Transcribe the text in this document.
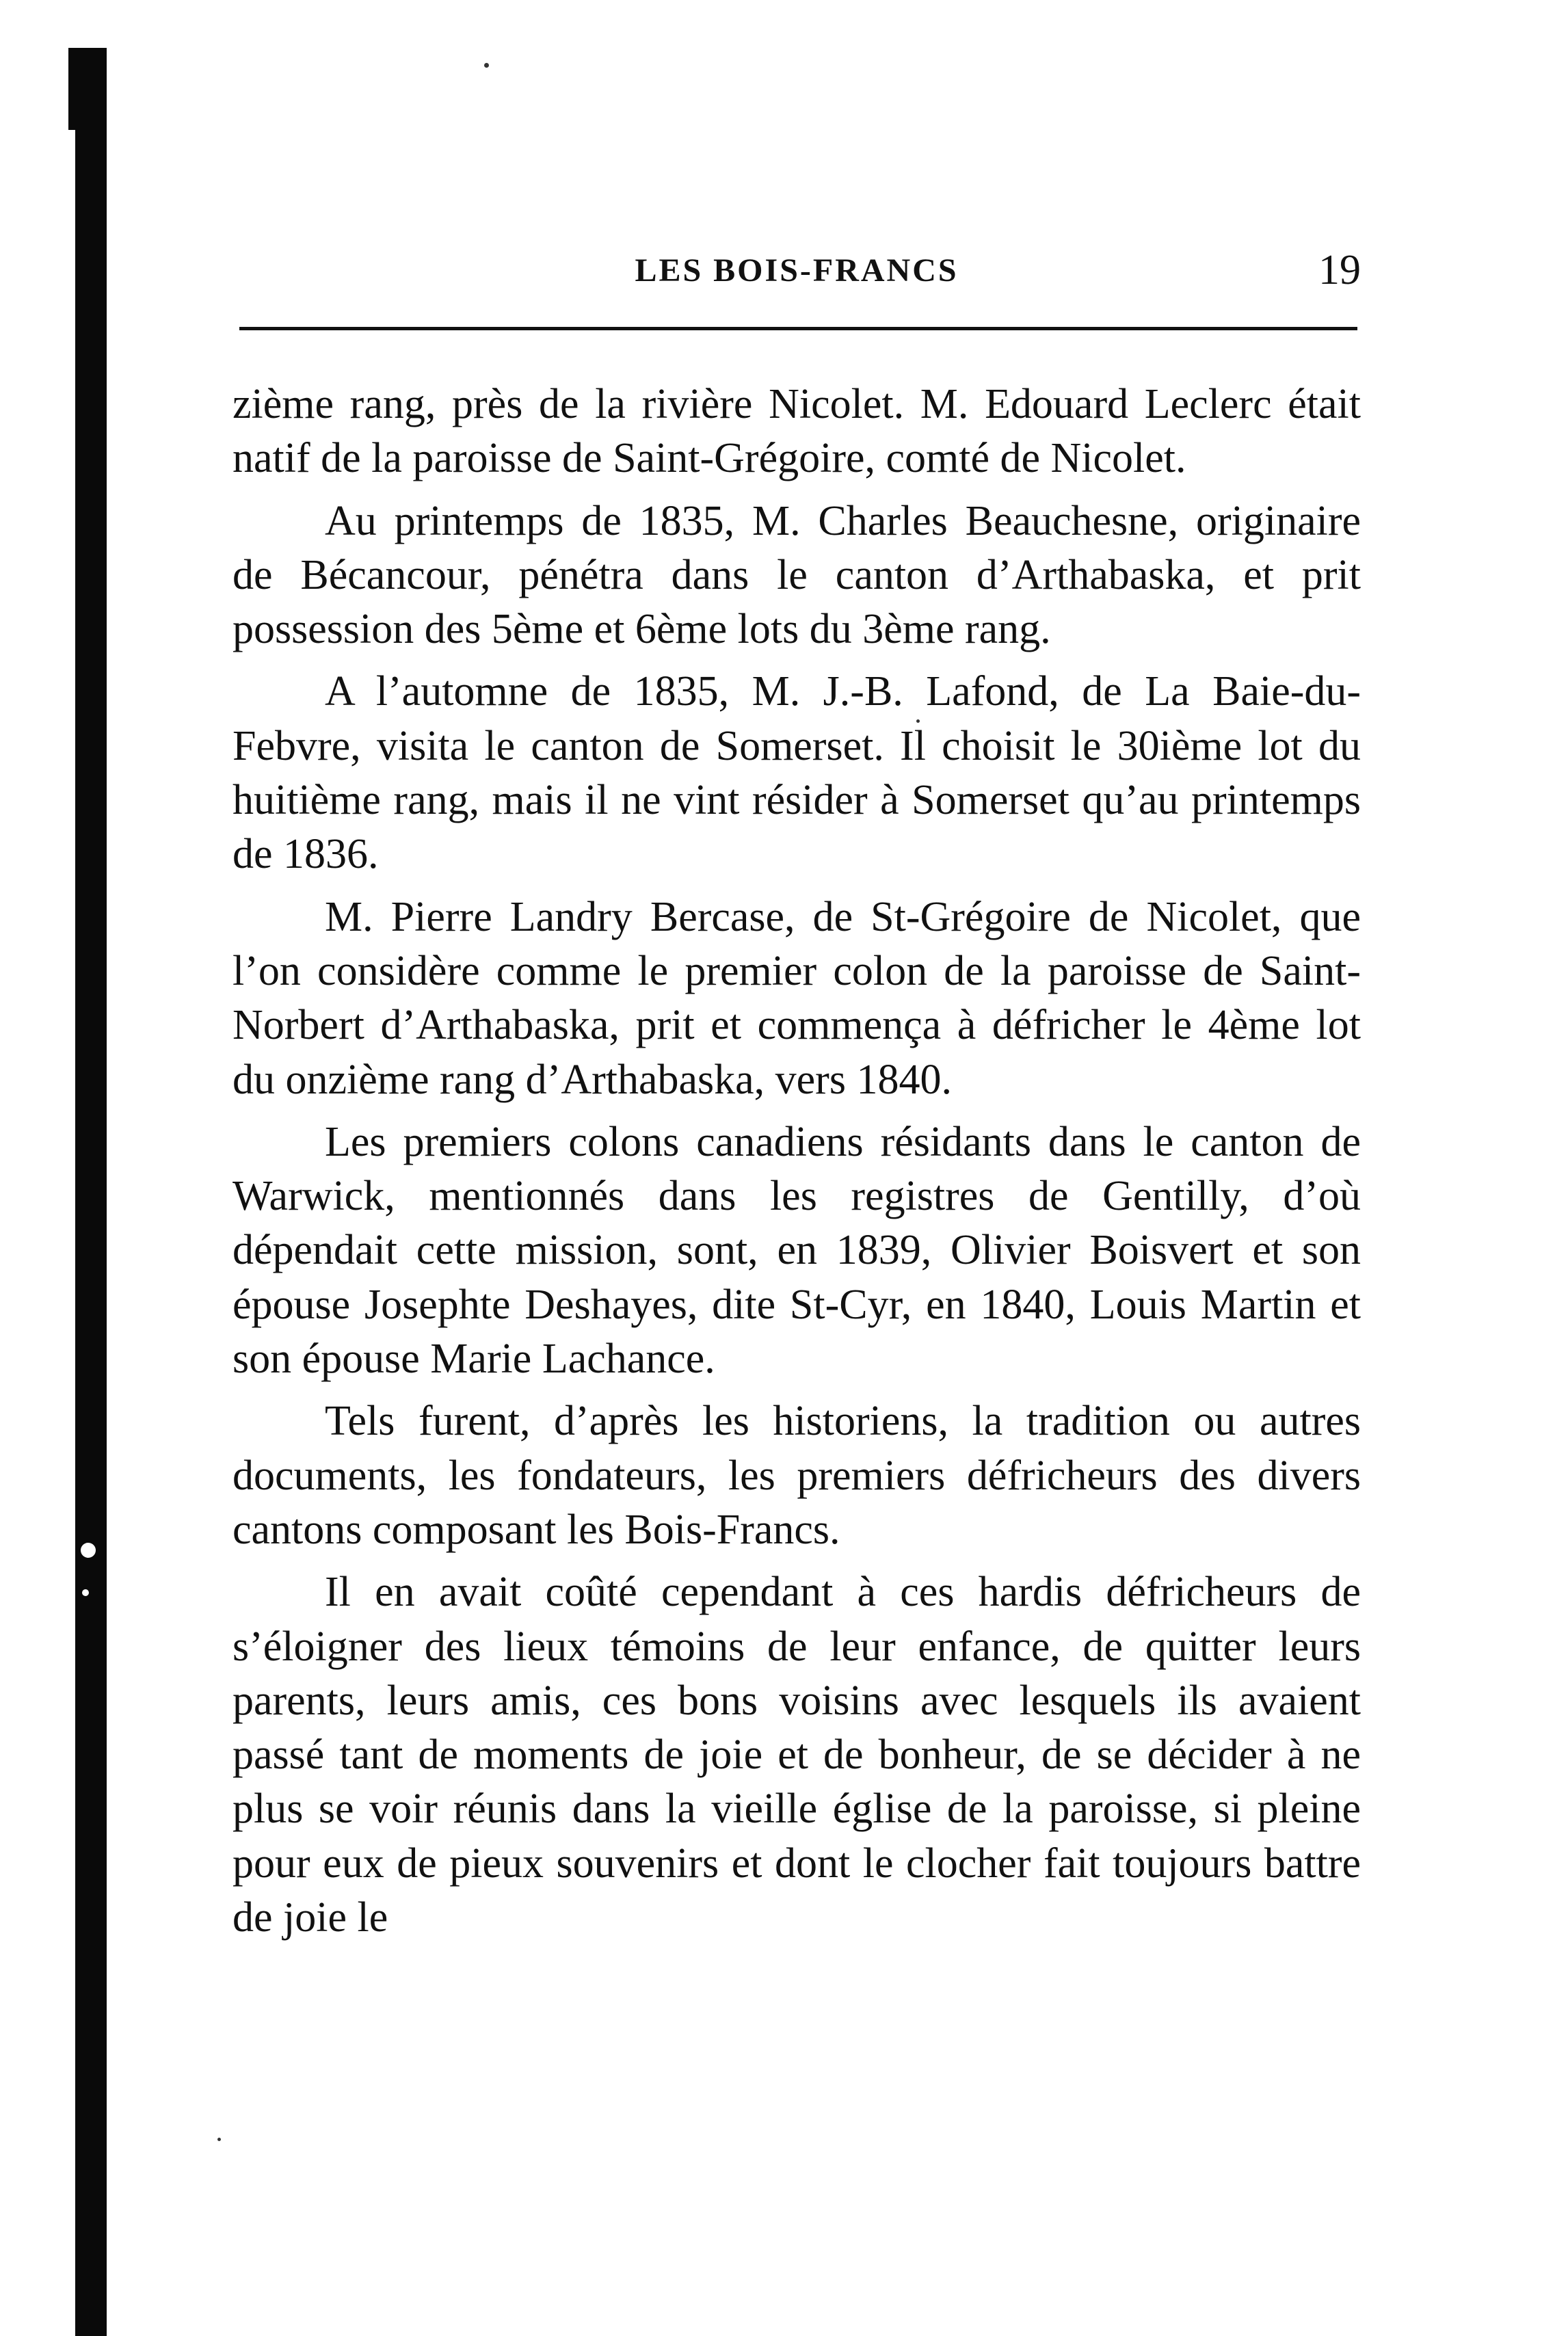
LES BOIS-FRANCS	19

zième rang, près de la rivière Nicolet. M. Edouard Leclerc était natif de la paroisse de Saint-Grégoire, comté de Nicolet.

Au printemps de 1835, M. Charles Beauchesne, originaire de Bécancour, pénétra dans le canton d’Arthabaska, et prit possession des 5ème et 6ème lots du 3ème rang.

A l’automne de 1835, M. J.-B. Lafond, de La Baie-du-Febvre, visita le canton de Somerset. Il choisit le 30ième lot du huitième rang, mais il ne vint résider à Somerset qu’au printemps de 1836.

M. Pierre Landry Bercase, de St-Grégoire de Nicolet, que l’on considère comme le premier colon de la paroisse de Saint-Norbert d’Arthabaska, prit et commença à défricher le 4ème lot du onzième rang d’Arthabaska, vers 1840.

Les premiers colons canadiens résidants dans le canton de Warwick, mentionnés dans les registres de Gentilly, d’où dépendait cette mission, sont, en 1839, Olivier Boisvert et son épouse Josephte Deshayes, dite St-Cyr, en 1840, Louis Martin et son épouse Marie Lachance.

Tels furent, d’après les historiens, la tradition ou autres documents, les fondateurs, les premiers défricheurs des divers cantons composant les Bois-Francs.

Il en avait coûté cependant à ces hardis défricheurs de s’éloigner des lieux témoins de leur enfance, de quitter leurs parents, leurs amis, ces bons voisins avec lesquels ils avaient passé tant de moments de joie et de bonheur, de se décider à ne plus se voir réunis dans la vieille église de la paroisse, si pleine pour eux de pieux souvenirs et dont le clocher fait toujours battre de joie le
